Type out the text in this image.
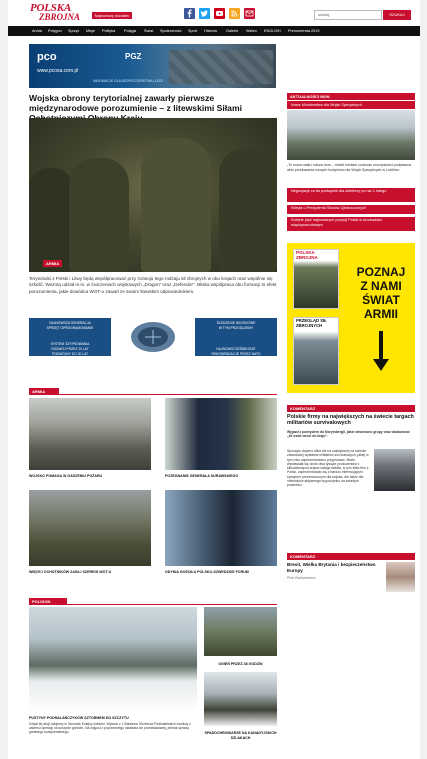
POLSKA
ZBROJNA	Najnowszy dodatek	szukaj	SZUKAJ
Armia Polygon Sprzęt Misje Polityka Potęga Świat Społeczność Sport Historia Galerie Wideo ENGLISH Prenumerata 2019
pco	PGZ
www.pcosa.com.pl
INNOWACJE DLA BEZPIECZEŃSTWA LUDZI
Wojska obrony terytorialnej zawarły pierwsze międzynarodowe porozumienie – z litewskimi Siłami
ARMIA
Terytorialsi z Polski i Litwy będą współpracować przy rozwoju tego rodzaju sił zbrojnych w obu krajach oraz wspólnie się szkolić. Wezmą udział m.in. w ćwiczeniach wojskowych „Dragon” oraz „Defender”. Bliska współpraca obu formacji to efekt porozumienia, jakie dowódca WOT-u zawarł ze swoim litewskim odpowiednikiem.
NAJNOWSZA GENERACJA
SPRZĘT OPROGRAMOWANIE
SYSTEM SZYFROWANIA
ROZWÓJ PRZEZ 20 LAT
PODWÓJNY DO 20 LAT
ŚLEDZENIE WOJSKOWE
W TYM PRZODUJEMY
NAJNOWOCZEŚNIEJSZE
REKOMENDACJE PRZEZ NATO
ARMIA
WOJSKO POMAGA W GASZENIU POŻARU	POŻEGNANIE GENERAŁA SURAWSKIEGO
WIĘCEJ OCHOTNIKÓW ZASILI SZEREGI WOT-U	GDYNIA GOŚCIŁA POLSKO-SZWEDZKIE FORUM
POLIGON
PUSTYNY PODHALAŃCZYKÓW SZTORMEM DO SZCZYTU
Dzięki tej akcji ratujemy w Tarnowie Kolejny żołnierz. Wyskok z 1 Batalionu Strzelców Podhalańskich możliwy z zakresu operacji na szczycie górskim. Na zdjęciu z poprzedniego działania ich przedstawiamy, jednak sprawę górskiego kontynentalnego.
OGIEŃ PRZEZ 48 GODZIN
SPADOCHRONIARZE NA KANADYJSKICH SZLAKACH
AKTUALNOŚCI MON
Nowe Ministerstwo dla Wojsk Specjalnych
„To nowa mała i nasza dom – mówił minister podczas uroczystości podpisania aktu przekazania nowych budynków dla Wojsk Specjalnych w Lublińcu
Negocjacje co do podwyżek dla żołnierzy po raz 1 lutego
Wizyta u Prezydenta Stanów Zjednoczonych
Kolejne pięć najnowszych pozycji Polski w środowisku międzynarodowym
POLSKA ZBROJNA
PRZEGLĄD SIŁ ZBROJNYCH
POZNAJ
Z NAMI
ŚWIAT
ARMII
KOMENTARZ
Polskie firmy na największych na świecie targach militariów survivalowych
Wyjazd z pomysłem do Norymbergii, jakie stworzono grupy oraz wiadomość „Ile osób wróci do kraju”.
Spoczęło dopiero kilka dni na największej na świecie zawodowej wystawie militariów survivalowych, jakiej w tym roku zaprezentowano przyjmować. Miało wystawiała się około dwa tysiące producentów z kilkudziesięciu krajów całego świata, w tym kilka firm z Polski, zaprezentowało się z bardzo interesującym sprzętem przeznaczonym dla wojska, ale także dla miłośników aktywnego wypoczynku na świeżym powietrzu.
KOMENTARZ
Brexit, Wielka Brytania i bezpieczeństwo Europy
Piotr Bartosiewicz
